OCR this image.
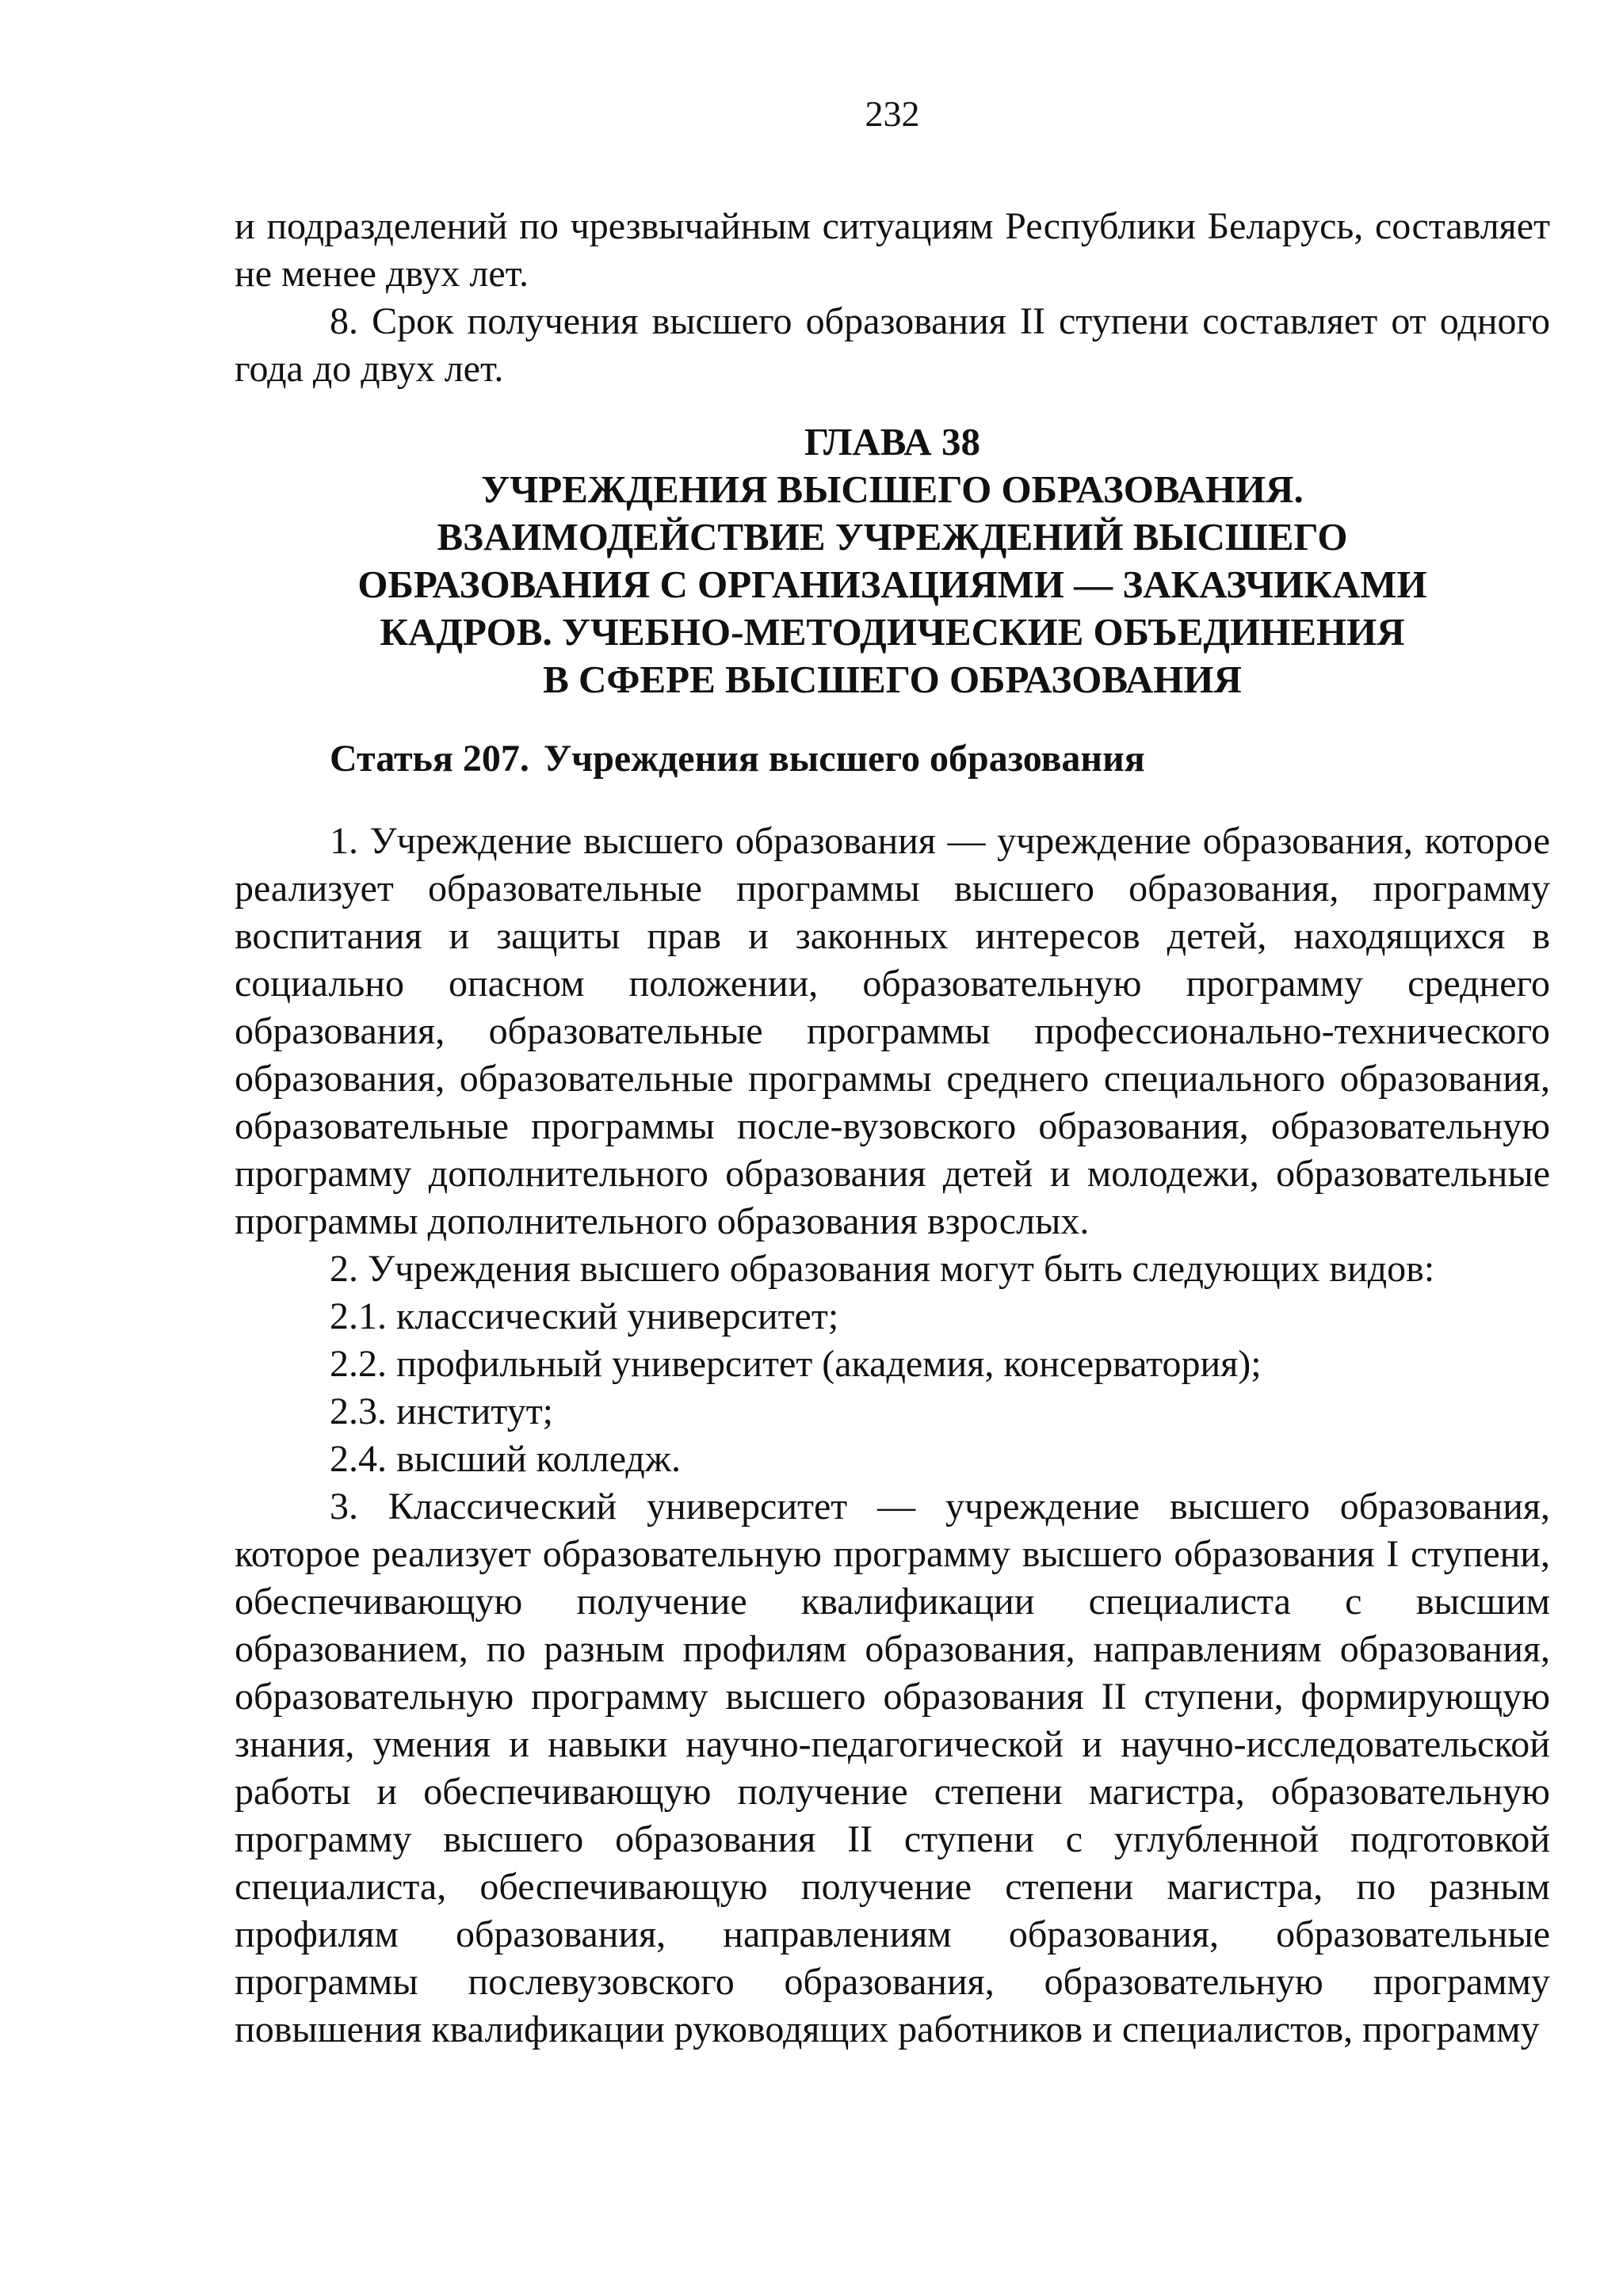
232

и подразделений по чрезвычайным ситуациям Республики Беларусь, составляет не менее двух лет.

8. Срок получения высшего образования II ступени составляет от одного года до двух лет.

ГЛАВА 38
УЧРЕЖДЕНИЯ ВЫСШЕГО ОБРАЗОВАНИЯ.
ВЗАИМОДЕЙСТВИЕ УЧРЕЖДЕНИЙ ВЫСШЕГО
ОБРАЗОВАНИЯ С ОРГАНИЗАЦИЯМИ — ЗАКАЗЧИКАМИ
КАДРОВ. УЧЕБНО-МЕТОДИЧЕСКИЕ ОБЪЕДИНЕНИЯ
В СФЕРЕ ВЫСШЕГО ОБРАЗОВАНИЯ
Статья 207. Учреждения высшего образования

1. Учреждение высшего образования — учреждение образования, которое реализует образовательные программы высшего образования, программу воспитания и защиты прав и законных интересов детей, находящихся в социально опасном положении, образовательную программу среднего образования, образовательные программы профессионально-технического образования, образовательные программы среднего специального образования, образовательные программы после-вузовского образования, образовательную программу дополнительного образования детей и молодежи, образовательные программы дополнительного образования взрослых.

2. Учреждения высшего образования могут быть следующих видов:

2.1. классический университет;

2.2. профильный университет (академия, консерватория);

2.3. институт;

2.4. высший колледж.

3. Классический университет — учреждение высшего образования, которое реализует образовательную программу высшего образования I ступени, обеспечивающую получение квалификации специалиста с высшим образованием, по разным профилям образования, направлениям образования, образовательную программу высшего образования II ступени, формирующую знания, умения и навыки научно-педагогической и научно-исследовательской работы и обеспечивающую получение степени магистра, образовательную программу высшего образования II ступени с углубленной подготовкой специалиста, обеспечивающую получение степени магистра, по разным профилям образования, направлениям образования, образовательные программы послевузовского образования, образовательную программу повышения квалификации руководящих работников и специалистов, программу
